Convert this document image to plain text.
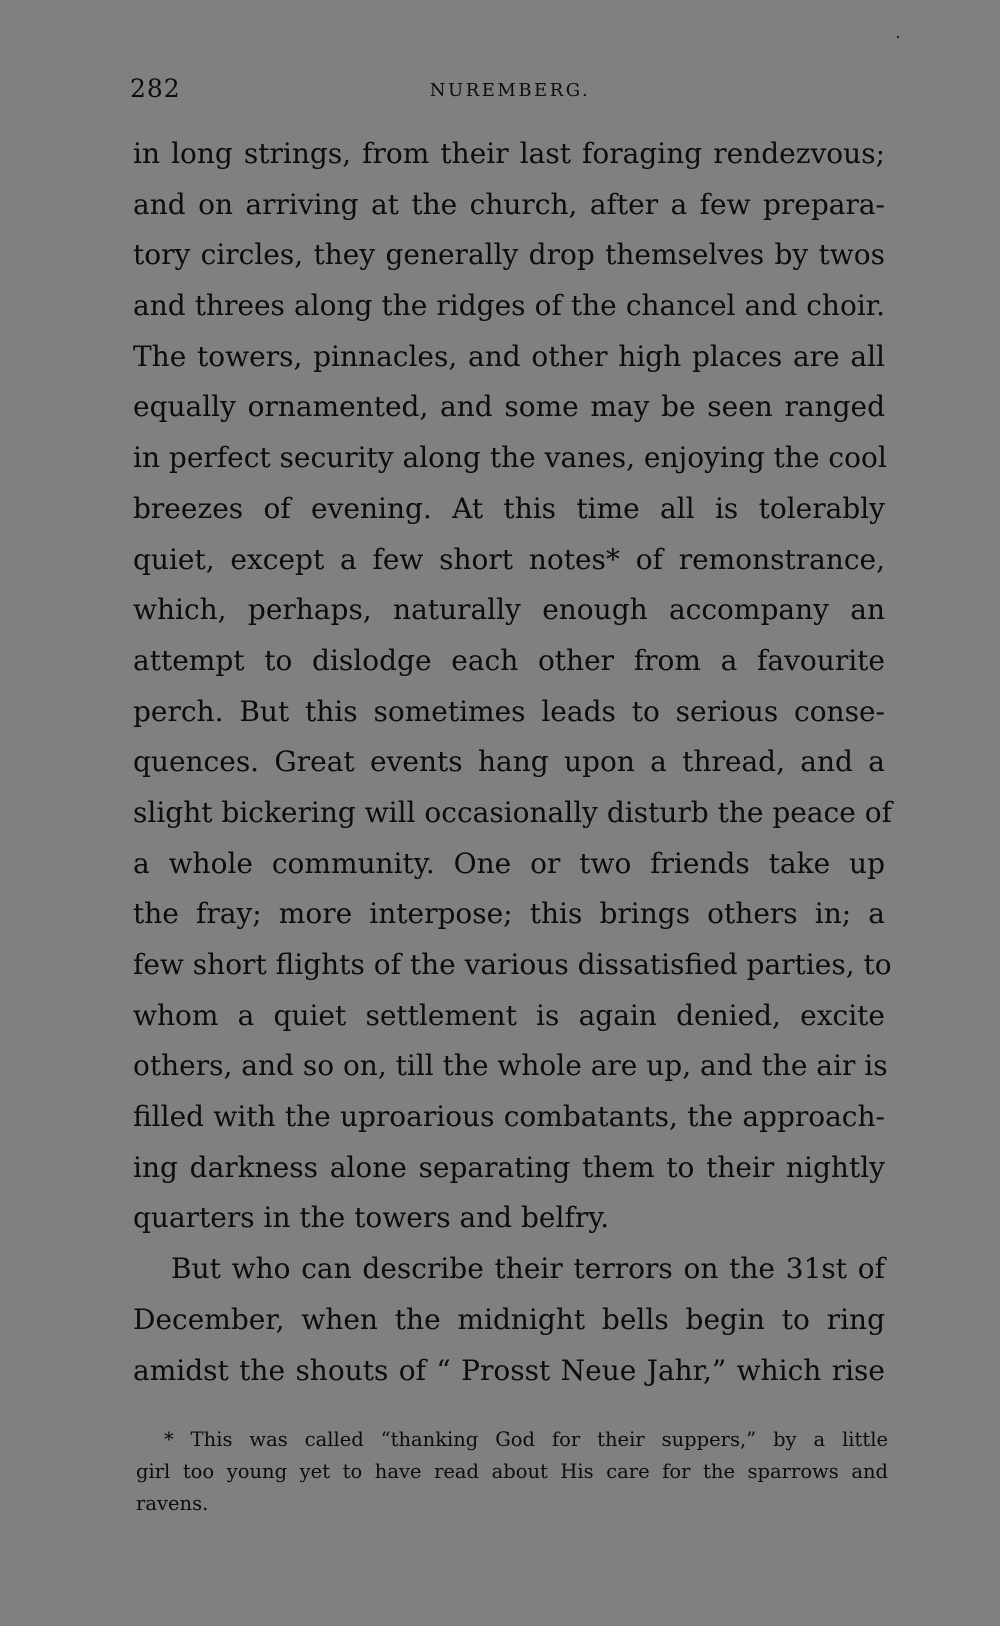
282	NUREMBERG.
in long strings, from their last foraging rendezvous;
and on arriving at the church, after a few prepara-
tory circles, they generally drop themselves by twos
and threes along the ridges of the chancel and choir.
The towers, pinnacles, and other high places are all
equally ornamented, and some may be seen ranged
in perfect security along the vanes, enjoying the cool
breezes of evening. At this time all is tolerably
quiet, except a few short notes* of remonstrance,
which, perhaps, naturally enough accompany an
attempt to dislodge each other from a favourite
perch. But this sometimes leads to serious conse-
quences. Great events hang upon a thread, and a
slight bickering will occasionally disturb the peace of
a whole community. One or two friends take up
the fray; more interpose; this brings others in; a
few short flights of the various dissatisfied parties, to
whom a quiet settlement is again denied, excite
others, and so on, till the whole are up, and the air is
filled with the uproarious combatants, the approach-
ing darkness alone separating them to their nightly
quarters in the towers and belfry.
But who can describe their terrors on the 31st of
December, when the midnight bells begin to ring
amidst the shouts of “ Prosst Neue Jahr,” which rise
* This was called “thanking God for their suppers,” by a little
girl too young yet to have read about His care for the sparrows and
ravens.
